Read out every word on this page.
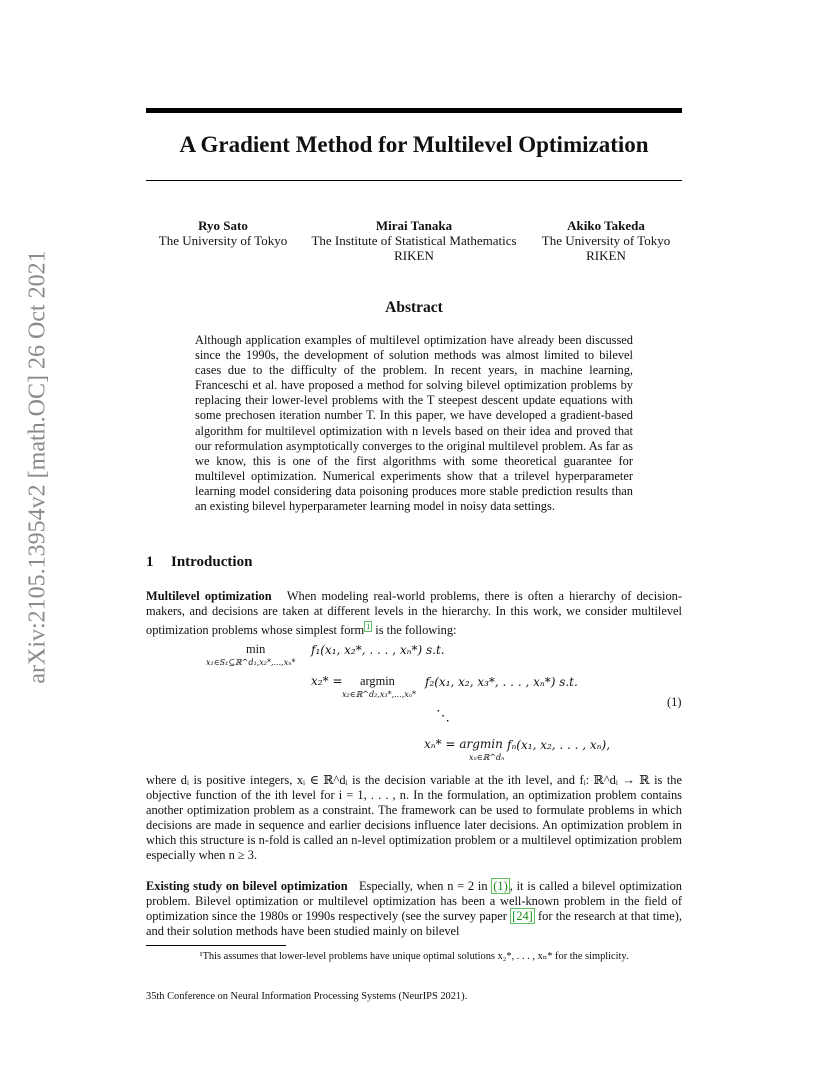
arXiv:2105.13954v2 [math.OC] 26 Oct 2021
A Gradient Method for Multilevel Optimization
Ryo Sato
The University of Tokyo
Mirai Tanaka
The Institute of Statistical Mathematics
RIKEN
Akiko Takeda
The University of Tokyo
RIKEN
Abstract
Although application examples of multilevel optimization have already been discussed since the 1990s, the development of solution methods was almost limited to bilevel cases due to the difficulty of the problem. In recent years, in machine learning, Franceschi et al. have proposed a method for solving bilevel optimization problems by replacing their lower-level problems with the T steepest descent update equations with some prechosen iteration number T. In this paper, we have developed a gradient-based algorithm for multilevel optimization with n levels based on their idea and proved that our reformulation asymptotically converges to the original multilevel problem. As far as we know, this is one of the first algorithms with some theoretical guarantee for multilevel optimization. Numerical experiments show that a trilevel hyperparameter learning model considering data poisoning produces more stable prediction results than an existing bilevel hyperparameter learning model in noisy data settings.
1 Introduction
Multilevel optimization When modeling real-world problems, there is often a hierarchy of decision-makers, and decisions are taken at different levels in the hierarchy. In this work, we consider multilevel optimization problems whose simplest form $^1$ is the following:
min
x₁∈S₁⊆ℝ^d₁,x₂*,...,xₙ*
f₁(x₁, x₂*, . . . , xₙ*) s.t.
x₂* = argmin
x₂∈ℝ^d₂,x₃*,...,xₙ*
f₂(x₁, x₂, x₃*, . . . , xₙ*) s.t.
⋱
xₙ* = argmin
xₙ∈ℝ^dₙ
fₙ(x₁, x₂, . . . , xₙ),
(1)
where dᵢ is positive integers, xᵢ ∈ ℝ^dᵢ is the decision variable at the ith level, and fᵢ: ℝ^dᵢ → ℝ is the objective function of the ith level for i = 1, . . . , n. In the formulation, an optimization problem contains another optimization problem as a constraint. The framework can be used to formulate problems in which decisions are made in sequence and earlier decisions influence later decisions. An optimization problem in which this structure is n-fold is called an n-level optimization problem or a multilevel optimization problem especially when n ≥ 3.
Existing study on bilevel optimization Especially, when n = 2 in (1) , it is called a bilevel optimization problem. Bilevel optimization or multilevel optimization has been a well-known problem in the field of optimization since the 1980s or 1990s respectively (see the survey paper [24] for the research at that time), and their solution methods have been studied mainly on bilevel
¹This assumes that lower-level problems have unique optimal solutions x₂*, . . . , xₙ* for the simplicity.
35th Conference on Neural Information Processing Systems (NeurIPS 2021).
